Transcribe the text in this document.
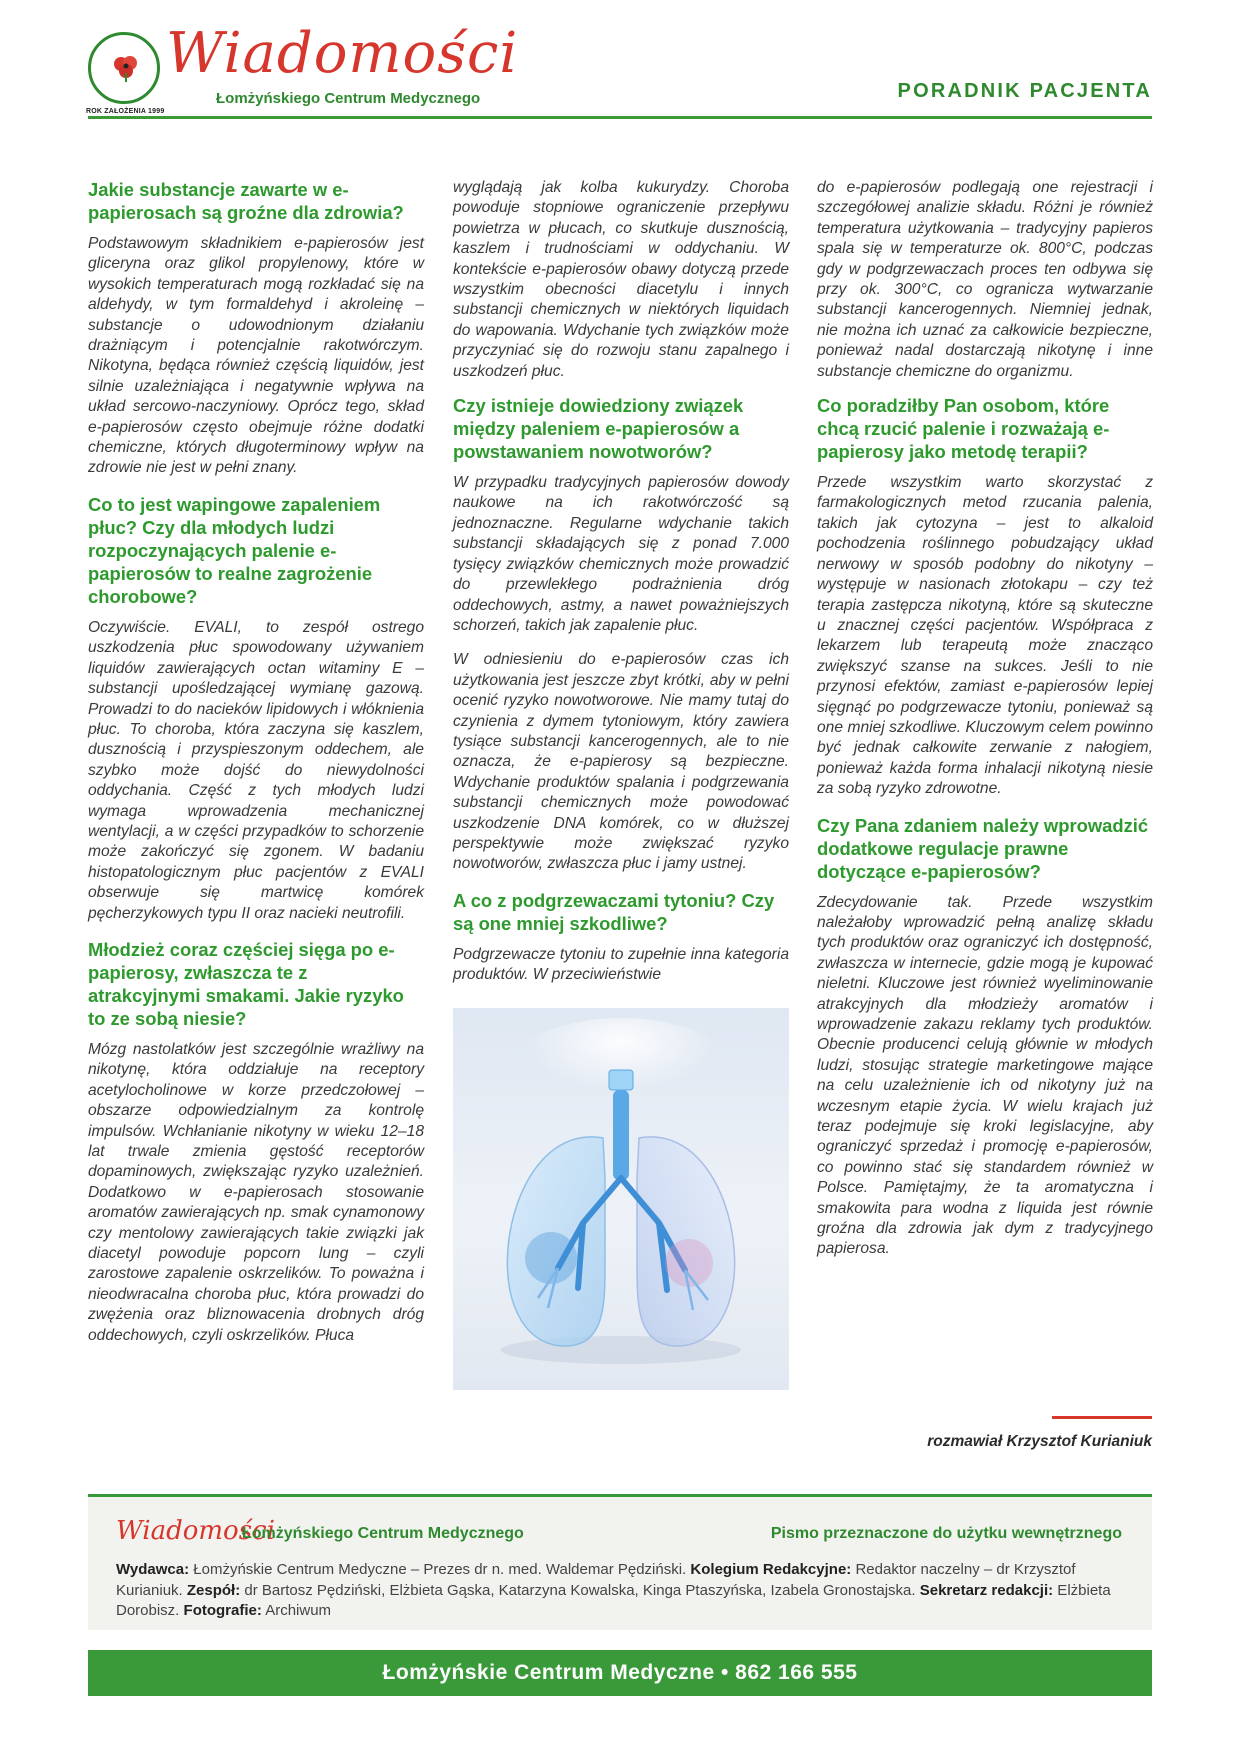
ROK ZAŁOŻENIA 1999
Wiadomości
Łomżyńskiego Centrum Medycznego	PORADNIK PACJENTA
Jakie substancje zawarte w e-papierosach są groźne dla zdrowia?

Podstawowym składnikiem e-papierosów jest gliceryna oraz glikol propylenowy, które w wysokich temperaturach mogą rozkładać się na aldehydy, w tym formaldehyd i akroleinę – substancje o udowodnionym działaniu drażniącym i potencjalnie rakotwórczym. Nikotyna, będąca również częścią liquidów, jest silnie uzależniająca i negatywnie wpływa na układ sercowo-naczyniowy. Oprócz tego, skład e-papierosów często obejmuje różne dodatki chemiczne, których długoterminowy wpływ na zdrowie nie jest w pełni znany.

Co to jest wapingowe zapaleniem płuc? Czy dla młodych ludzi rozpoczynających palenie e-papierosów to realne zagrożenie chorobowe?

Oczywiście. EVALI, to zespół ostrego uszkodzenia płuc spowodowany używaniem liquidów zawierających octan witaminy E – substancji upośledzającej wymianę gazową. Prowadzi to do nacieków lipidowych i włóknienia płuc. To choroba, która zaczyna się kaszlem, dusznością i przyspieszonym oddechem, ale szybko może dojść do niewydolności oddychania. Część z tych młodych ludzi wymaga wprowadzenia mechanicznej wentylacji, a w części przypadków to schorzenie może zakończyć się zgonem. W badaniu histopatologicznym płuc pacjentów z EVALI obserwuje się martwicę komórek pęcherzykowych typu II oraz nacieki neutrofili.

Młodzież coraz częściej sięga po e-papierosy, zwłaszcza te z atrakcyjnymi smakami. Jakie ryzyko to ze sobą niesie?

Mózg nastolatków jest szczególnie wrażliwy na nikotynę, która oddziałuje na receptory acetylocholinowe w korze przedczołowej – obszarze odpowiedzialnym za kontrolę impulsów. Wchłanianie nikotyny w wieku 12–18 lat trwale zmienia gęstość receptorów dopaminowych, zwiększając ryzyko uzależnień. Dodatkowo w e-papierosach stosowanie aromatów zawierających np. smak cynamonowy czy mentolowy zawierających takie związki jak diacetyl powoduje popcorn lung – czyli zarostowe zapalenie oskrzelików. To poważna i nieodwracalna choroba płuc, która prowadzi do zwężenia oraz bliznowacenia drobnych dróg oddechowych, czyli oskrzelików. Płuca

wyglądają jak kolba kukurydzy. Choroba powoduje stopniowe ograniczenie przepływu powietrza w płucach, co skutkuje dusznością, kaszlem i trudnościami w oddychaniu. W kontekście e-papierosów obawy dotyczą przede wszystkim obecności diacetylu i innych substancji chemicznych w niektórych liquidach do wapowania. Wdychanie tych związków może przyczyniać się do rozwoju stanu zapalnego i uszkodzeń płuc.

Czy istnieje dowiedziony związek między paleniem e-papierosów a powstawaniem nowotworów?

W przypadku tradycyjnych papierosów dowody naukowe na ich rakotwórczość są jednoznaczne. Regularne wdychanie takich substancji składających się z ponad 7.000 tysięcy związków chemicznych może prowadzić do przewlekłego podrażnienia dróg oddechowych, astmy, a nawet poważniejszych schorzeń, takich jak zapalenie płuc.

W odniesieniu do e-papierosów czas ich użytkowania jest jeszcze zbyt krótki, aby w pełni ocenić ryzyko nowotworowe. Nie mamy tutaj do czynienia z dymem tytoniowym, który zawiera tysiące substancji kancerogennych, ale to nie oznacza, że e-papierosy są bezpieczne. Wdychanie produktów spalania i podgrzewania substancji chemicznych może powodować uszkodzenie DNA komórek, co w dłuższej perspektywie może zwiększać ryzyko nowotworów, zwłaszcza płuc i jamy ustnej.

A co z podgrzewaczami tytoniu? Czy są one mniej szkodliwe?

Podgrzewacze tytoniu to zupełnie inna kategoria produktów. W przeciwieństwie

do e-papierosów podlegają one rejestracji i szczegółowej analizie składu. Różni je również temperatura użytkowania – tradycyjny papieros spala się w temperaturze ok. 800°C, podczas gdy w podgrzewaczach proces ten odbywa się przy ok. 300°C, co ogranicza wytwarzanie substancji kancerogennych. Niemniej jednak, nie można ich uznać za całkowicie bezpieczne, ponieważ nadal dostarczają nikotynę i inne substancje chemiczne do organizmu.

Co poradziłby Pan osobom, które chcą rzucić palenie i rozważają e-papierosy jako metodę terapii?

Przede wszystkim warto skorzystać z farmakologicznych metod rzucania palenia, takich jak cytozyna – jest to alkaloid pochodzenia roślinnego pobudzający układ nerwowy w sposób podobny do nikotyny – występuje w nasionach złotokapu – czy też terapia zastępcza nikotyną, które są skuteczne u znacznej części pacjentów. Współpraca z lekarzem lub terapeutą może znacząco zwiększyć szanse na sukces. Jeśli to nie przynosi efektów, zamiast e-papierosów lepiej sięgnąć po podgrzewacze tytoniu, ponieważ są one mniej szkodliwe. Kluczowym celem powinno być jednak całkowite zerwanie z nałogiem, ponieważ każda forma inhalacji nikotyną niesie za sobą ryzyko zdrowotne.

Czy Pana zdaniem należy wprowadzić dodatkowe regulacje prawne dotyczące e-papierosów?

Zdecydowanie tak. Przede wszystkim należałoby wprowadzić pełną analizę składu tych produktów oraz ograniczyć ich dostępność, zwłaszcza w internecie, gdzie mogą je kupować nieletni. Kluczowe jest również wyeliminowanie atrakcyjnych dla młodzieży aromatów i wprowadzenie zakazu reklamy tych produktów. Obecnie producenci celują głównie w młodych ludzi, stosując strategie marketingowe mające na celu uzależnienie ich od nikotyny już na wczesnym etapie życia. W wielu krajach już teraz podejmuje się kroki legislacyjne, aby ograniczyć sprzedaż i promocję e-papierosów, co powinno stać się standardem również w Polsce. Pamiętajmy, że ta aromatyczna i smakowita para wodna z liquida jest równie groźna dla zdrowia jak dym z tradycyjnego papierosa.

rozmawiał Krzysztof Kurianiuk
Wiadomości
Łomżyńskiego Centrum Medycznego	Pismo przeznaczone do użytku wewnętrznego
Wydawca: Łomżyńskie Centrum Medyczne – Prezes dr n. med. Waldemar Pędziński. Kolegium Redakcyjne: Redaktor naczelny – dr Krzysztof Kurianiuk. Zespół: dr Bartosz Pędziński, Elżbieta Gąska, Katarzyna Kowalska, Kinga Ptaszyńska, Izabela Gronostajska. Sekretarz redakcji: Elżbieta Dorobisz. Fotografie: Archiwum
Łomżyńskie Centrum Medyczne • 862 166 555
